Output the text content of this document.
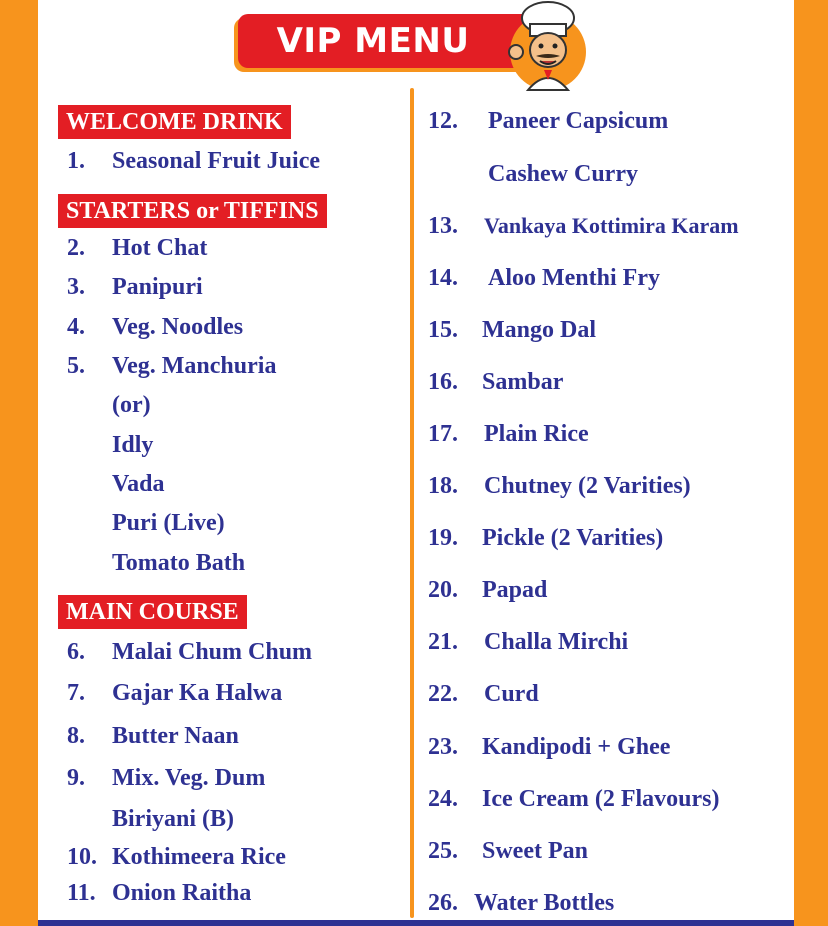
VIP MENU
WELCOME DRINK
STARTERS or TIFFINS
MAIN COURSE
1. Seasonal Fruit Juice
2. Hot Chat
3. Panipuri
4. Veg. Noodles
5. Veg. Manchuria
(or)
Idly
Vada
Puri (Live)
Tomato Bath
6. Malai Chum Chum
7. Gajar Ka Halwa
8. Butter Naan
9. Mix. Veg. Dum
Biriyani (B)
10. Kothimeera Rice
11. Onion Raitha
12. Paneer Capsicum
Cashew Curry
13. Vankaya Kottimira Karam
14. Aloo Menthi Fry
15. Mango Dal
16. Sambar
17. Plain Rice
18. Chutney (2 Varities)
19. Pickle (2 Varities)
20. Papad
21. Challa Mirchi
22. Curd
23. Kandipodi + Ghee
24. Ice Cream (2 Flavours)
25. Sweet Pan
26. Water Bottles
